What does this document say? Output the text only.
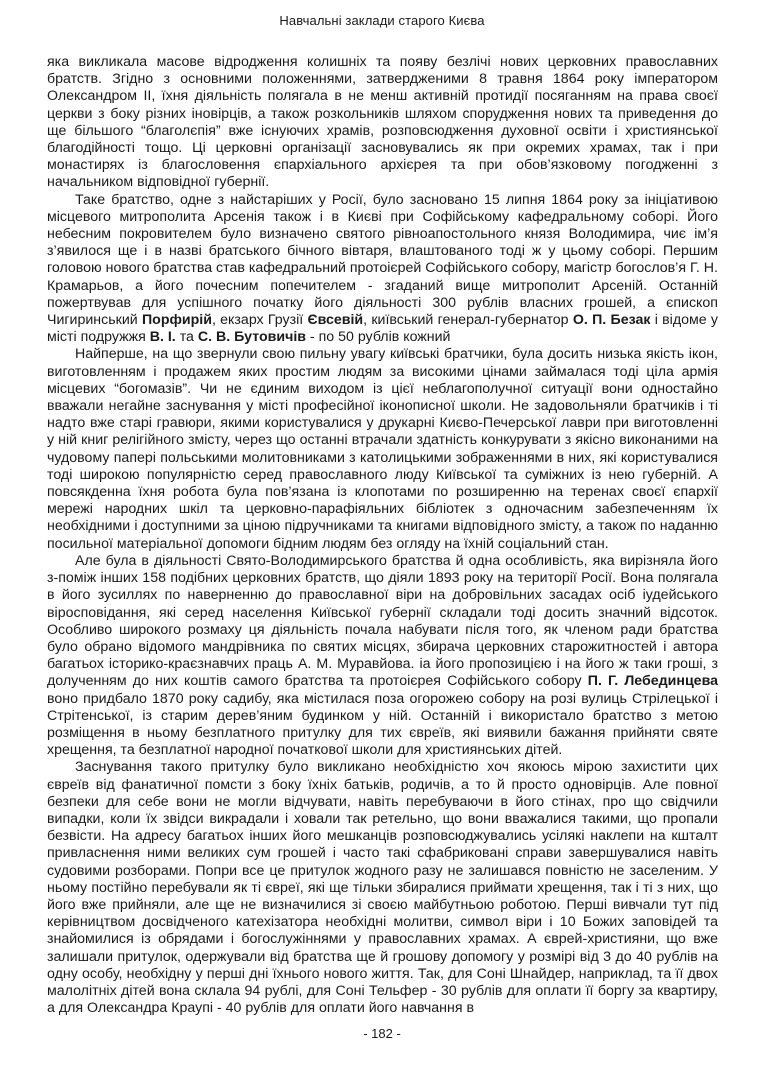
Навчальні заклади старого Києва

яка викликала масове відродження колишніх та появу безлічі нових церковних православних братств. Згідно з основними положеннями, затвердженими 8 травня 1864 року імператором Олександром ІІ, їхня діяльність полягала в не менш активній протидії посяганням на права своєї церкви з боку різних іновірців, а також розкольників шляхом спорудження нових та приведення до ще більшого “благолєпія” вже існуючих храмів, розповсюдження духовної освіти і християнської благодійності тощо. Ці церковні організації засновувались як при окремих храмах, так і при монастирях із благословення єпархіального архієрея та при обов’язковому погодженні з начальником відповідної губернії.

Таке братство, одне з найстаріших у Росії, було засновано 15 липня 1864 року за ініціативою місцевого митрополита Арсенія також і в Києві при Софійському кафедральному соборі. Його небесним покровителем було визначено святого рівноапостольного князя Володимира, чиє ім’я з’явилося ще і в назві братського бічного вівтаря, влаштованого тоді ж у цьому соборі. Першим головою нового братства став кафедральний протоієрей Софійського собору, магістр богослов’я Г. Н. Крамарьов, а його почесним попечителем - згаданий вище митрополит Арсеній. Останній пожертвував для успішного початку його діяльності 300 рублів власних грошей, а єпископ Чигиринський Порфирій, екзарх Грузії Євсевій, київський генерал-губернатор О. П. Безак і відоме у місті подружжя В. І. та С. В. Бутовичів - по 50 рублів кожний

Найперше, на що звернули свою пильну увагу київські братчики, була досить низька якість ікон, виготовленням і продажем яких простим людям за високими цінами займалася тоді ціла армія місцевих “богомазів”. Чи не єдиним виходом із цієї неблагополучної ситуації вони одностайно вважали негайне заснування у місті професійної іконописної школи. Не задовольняли братчиків і ті надто вже старі гравюри, якими користувалися у друкарні Києво-Печерської лаври при виготовленні у ній книг релігійного змісту, через що останні втрачали здатність конкурувати з якісно виконаними на чудовому папері польськими молитовниками з католицькими зображеннями в них, які користувалися тоді широкою популярністю серед православного люду Київської та суміжних із нею губерній. А повсякденна їхня робота була пов’язана із клопотами по розширенню на теренах своєї єпархії мережі народних шкіл та церковно-парафіяльних бібліотек з одночасним забезпеченням їх необхідними і доступними за ціною підручниками та книгами відповідного змісту, а також по наданню посильної матеріальної допомоги бідним людям без огляду на їхній соціальний стан.

Але була в діяльності Свято-Володимирського братства й одна особливість, яка вирізняла його з-поміж інших 158 подібних церковних братств, що діяли 1893 року на території Росії. Вона полягала в його зусиллях по наверненню до православної віри на добровільних засадах осіб іудейського віросповідання, які серед населення Київської губернії складали тоді досить значний відсоток. Особливо широкого розмаху ця діяльність почала набувати після того, як членом ради братства було обрано відомого мандрівника по святих місцях, збирача церковних старожитностей і автора багатьох історико-краєзнавчих праць А. М. Муравйова. іа його пропозицією і на його ж таки гроші, з долученням до них коштів самого братства та протоієрея Софійського собору П. Г. Лебединцева воно придбало 1870 року садибу, яка містилася поза огорожею собору на розі вулиць Стрілецької і Стрітенської, із старим дерев’яним будинком у ній. Останній і використало братство з метою розміщення в ньому безплатного притулку для тих євреїв, які виявили бажання прийняти святе хрещення, та безплатної народної початкової школи для християнських дітей.

Заснування такого притулку було викликано необхідністю хоч якоюсь мірою захистити цих євреїв від фанатичної помсти з боку їхніх батьків, родичів, а то й просто одновірців. Але повної безпеки для себе вони не могли відчувати, навіть перебуваючи в його стінах, про що свідчили випадки, коли їх звідси викрадали і ховали так ретельно, що вони вважалися такими, що пропали безвісти. На адресу багатьох інших його мешканців розповсюджувались усілякі наклепи на кшталт привласнення ними великих сум грошей і часто такі сфабриковані справи завершувалися навіть судовими розборами. Попри все це притулок жодного разу не залишався повністю не заселеним. У ньому постійно перебували як ті євреї, які ще тільки збиралися приймати хрещення, так і ті з них, що його вже прийняли, але ще не визначилися зі своєю майбутньою роботою. Перші вивчали тут під керівництвом досвідченого катехізатора необхідні молитви, символ віри і 10 Божих заповідей та знайомилися із обрядами і богослужіннями у православних храмах. А єврей-християни, що вже залишали притулок, одержували від братства ще й грошову допомогу у розмірі від 3 до 40 рублів на одну особу, необхідну у перші дні їхнього нового життя. Так, для Соні Шнайдер, наприклад, та її двох малолітніх дітей вона склала 94 рублі, для Соні Тельфер - 30 рублів для оплати її боргу за квартиру, а для Олександра Краупі - 40 рублів для оплати його навчання в

- 182 -
